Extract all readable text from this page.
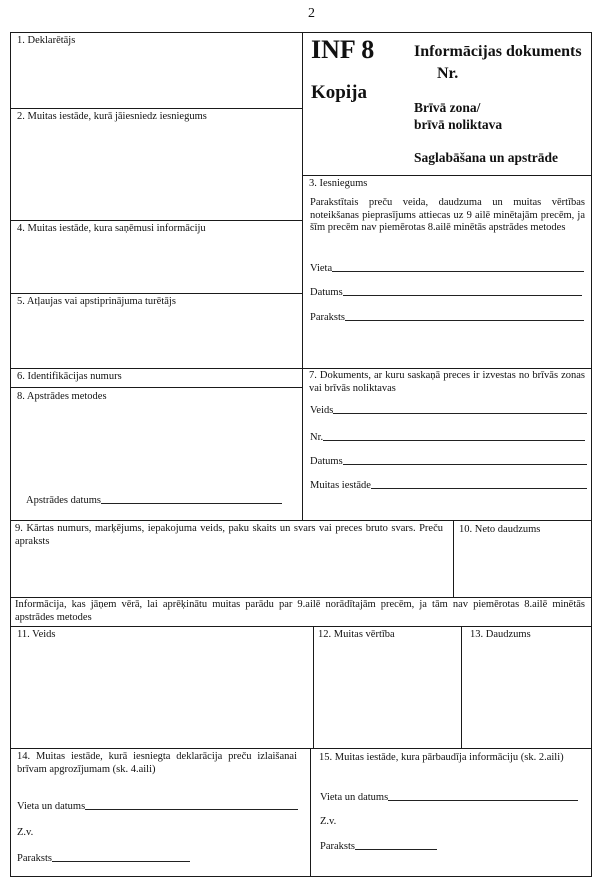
2
1. Deklarētājs
2. Muitas iestāde, kurā jāiesniedz iesniegums
4. Muitas iestāde, kura saņēmusi informāciju
5. Atļaujas vai apstiprinājuma turētājs
6. Identifikācijas numurs
8. Apstrādes metodes
Apstrādes datums
INF 8 Informācijas dokuments
Nr.
Kopija
Brīvā zona/
brīvā noliktava
Saglabāšana un apstrāde
3. Iesniegums
Parakstītais preču veida, daudzuma un muitas vērtības
noteikšanas pieprasījums attiecas uz 9 ailē minētajām precēm, ja
šīm precēm nav piemērotas 8.ailē minētās apstrādes metodes
Vieta
Datums
Paraksts
7. Dokuments, ar kuru saskaņā preces ir izvestas no brīvās zonas
vai brīvās noliktavas
Veids
Nr.
Datums
Muitas iestāde
9. Kārtas numurs, marķējums, iepakojuma veids, paku skaits un svars vai preces bruto svars. Preču
apraksts
10. Neto daudzums
Informācija, kas jāņem vērā, lai aprēķinātu muitas parādu par 9.ailē norādītajām precēm, ja tām nav piemērotas 8.ailē minētās
apstrādes metodes
11. Veids	12. Muitas vērtība	13. Daudzums
14. Muitas iestāde, kurā iesniegta deklarācija preču izlaišanai
brīvam apgrozījumam (sk. 4.aili)
Vieta un datums
Z.v.
Paraksts
15. Muitas iestāde, kura pārbaudīja informāciju (sk. 2.aili)
Vieta un datums
Z.v.
Paraksts
